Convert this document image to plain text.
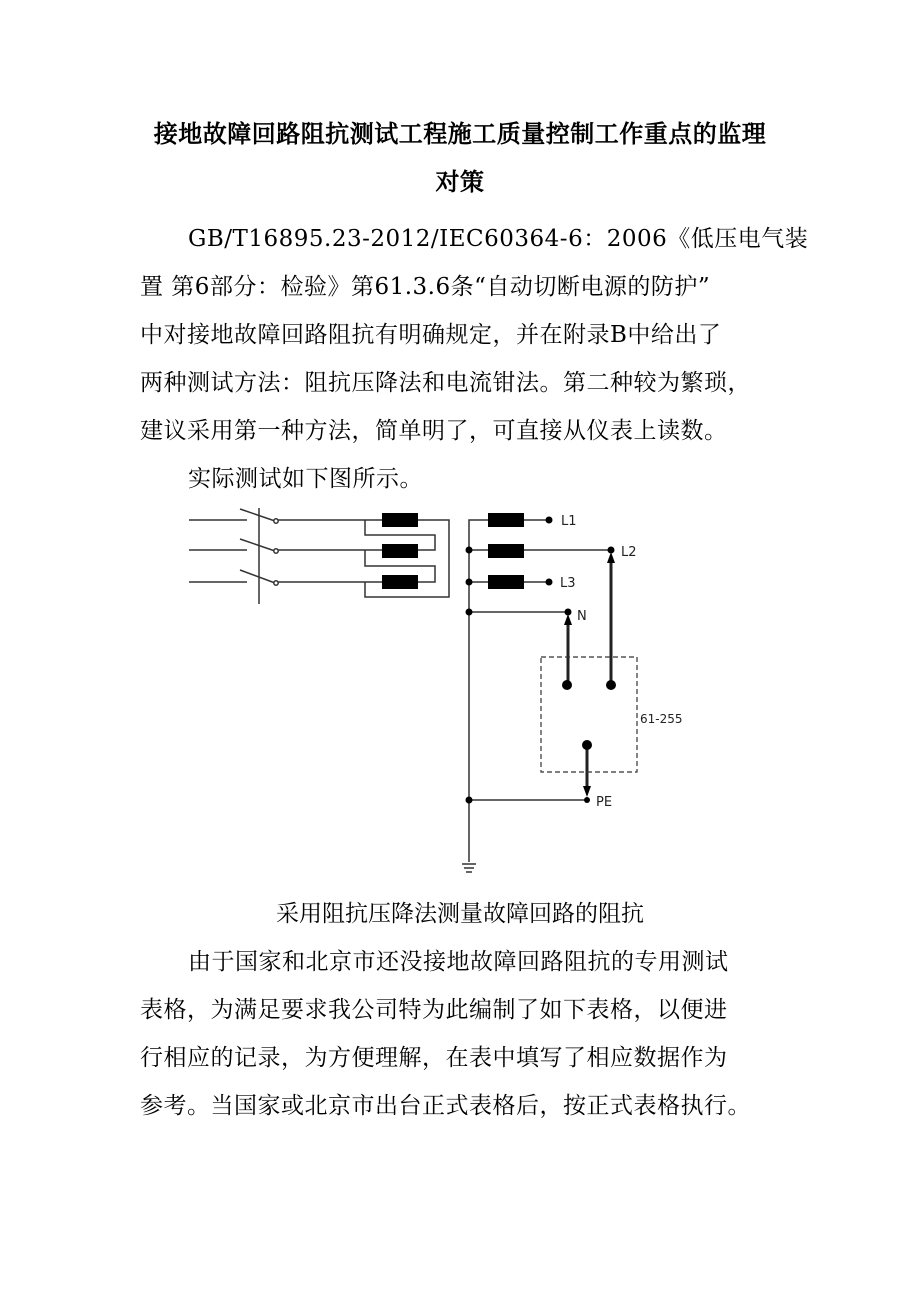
接地故障回路阻抗测试工程施工质量控制工作重点的监理
对策
GB/T16895.23-2012/IEC60364-6：2006《低压电气装
置 第6部分：检验》第61.3.6条“自动切断电源的防护”
中对接地故障回路阻抗有明确规定，并在附录B中给出了
两种测试方法：阻抗压降法和电流钳法。第二种较为繁琐，
建议采用第一种方法，简单明了，可直接从仪表上读数。
实际测试如下图所示。
L1
L2
L3
N
PE
61-255
采用阻抗压降法测量故障回路的阻抗
由于国家和北京市还没接地故障回路阻抗的专用测试
表格，为满足要求我公司特为此编制了如下表格，以便进
行相应的记录，为方便理解，在表中填写了相应数据作为
参考。当国家或北京市出台正式表格后，按正式表格执行。
